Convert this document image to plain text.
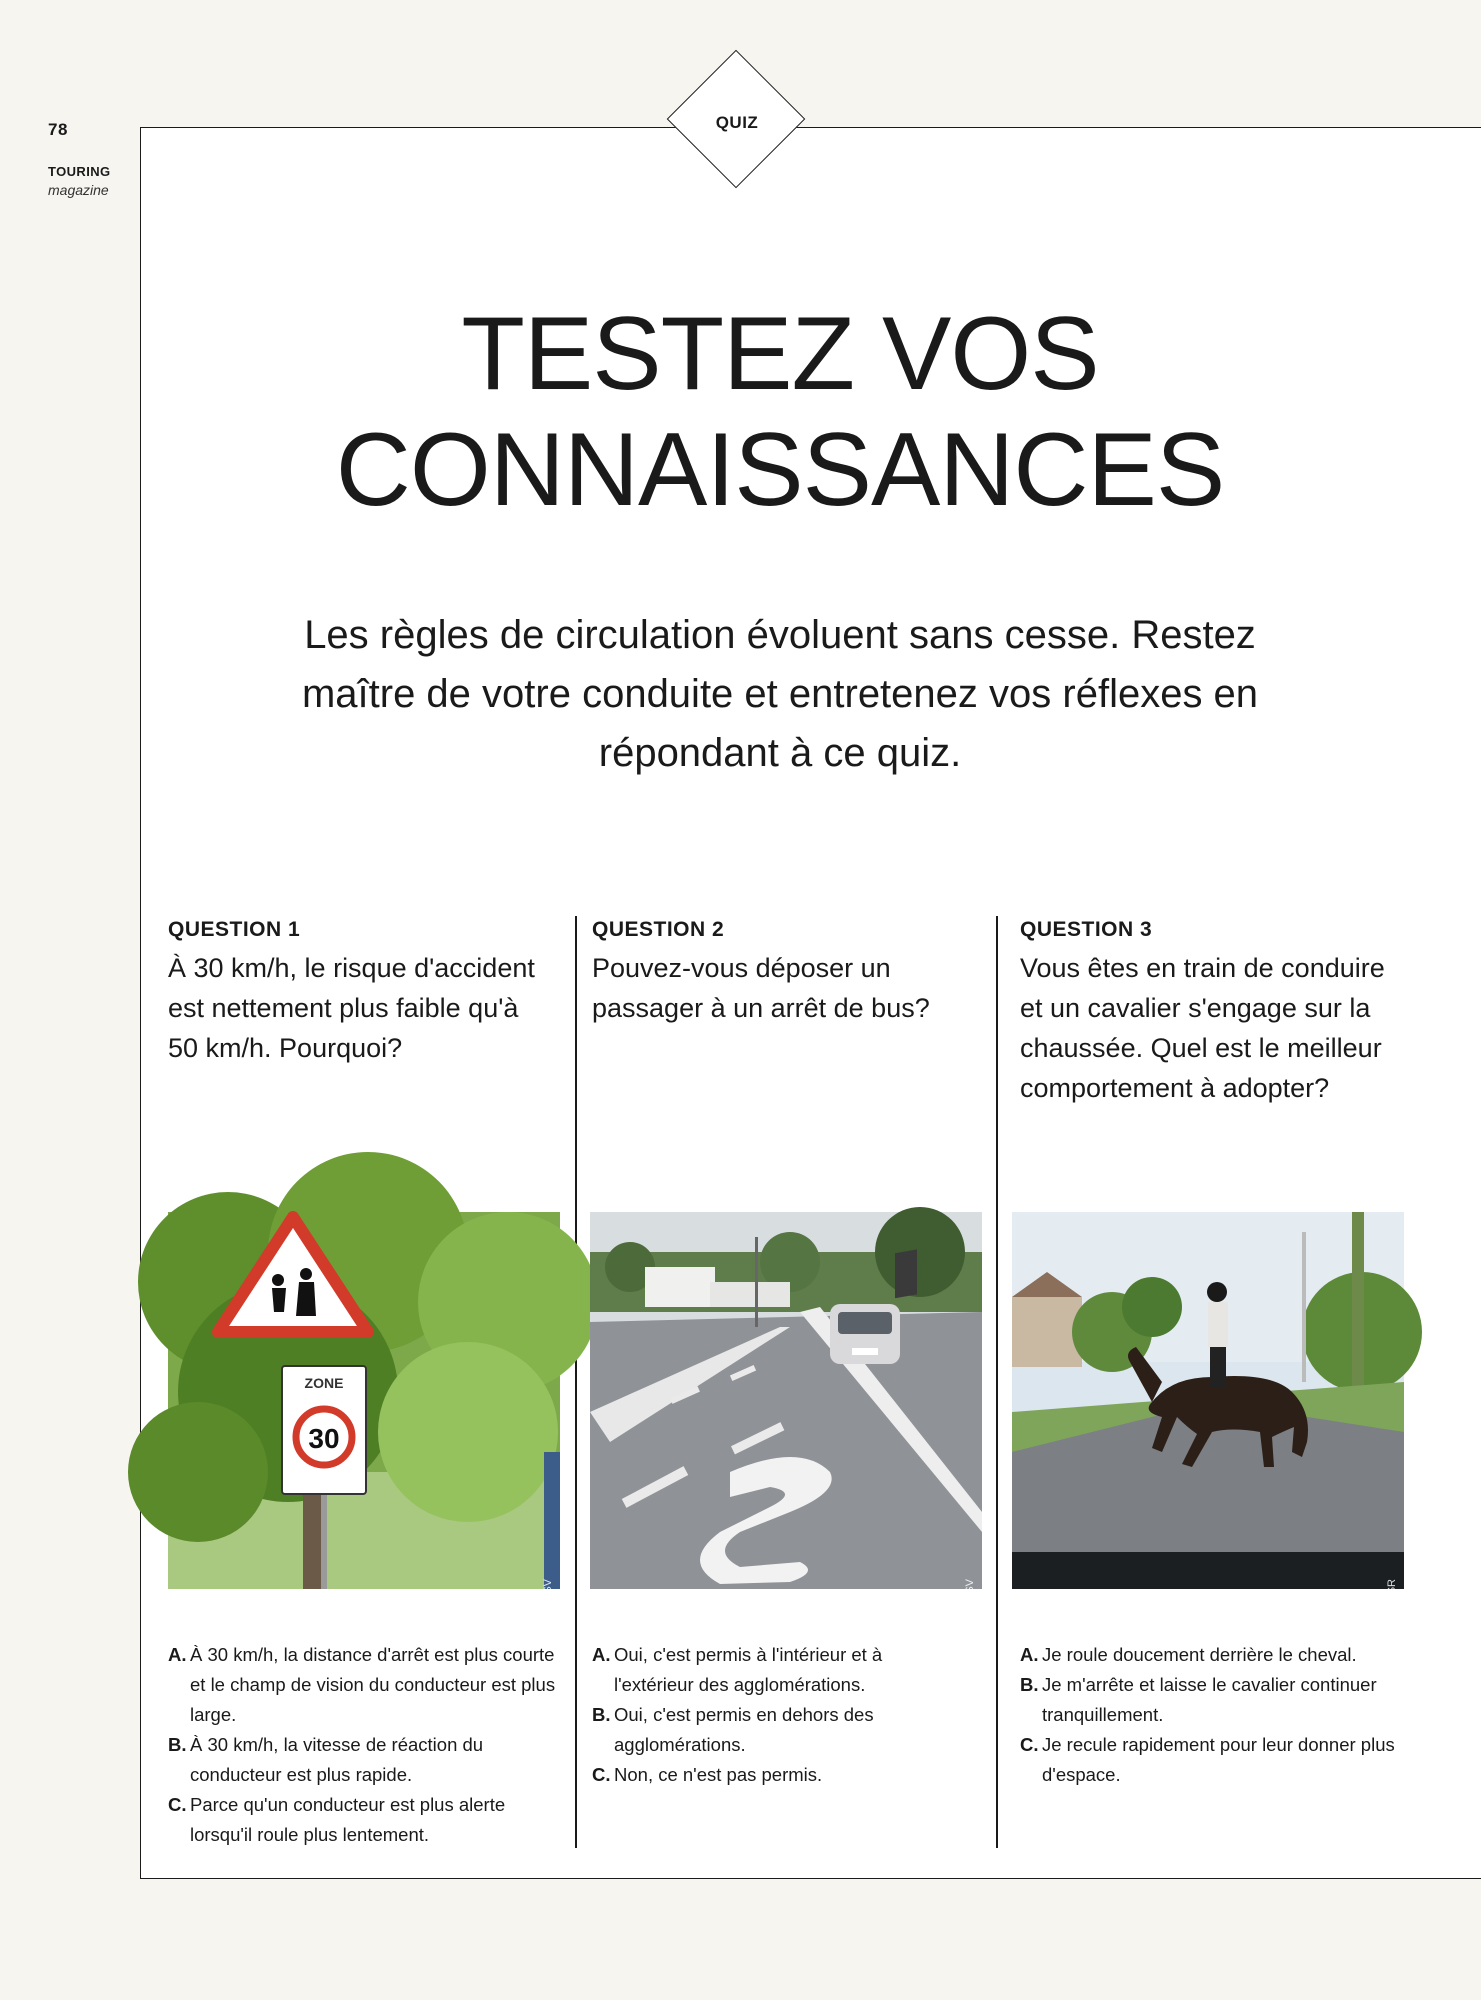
78
TOURING
magazine
QUIZ
TESTEZ VOS CONNAISSANCES
Les règles de circulation évoluent sans cesse. Restez maître de votre conduite et entretenez vos réflexes en répondant à ce quiz.
QUESTION 1
À 30 km/h, le risque d'accident est nettement plus faible qu'à 50 km/h. Pourquoi?
ZONE
30
© VSV
A. À 30 km/h, la distance d'arrêt est plus courte et le champ de vision du conducteur est plus large.
B. À 30 km/h, la vitesse de réaction du conducteur est plus rapide.
C. Parce qu'un conducteur est plus alerte lorsqu'il roule plus lentement.
QUESTION 2
Pouvez-vous déposer un passager à un arrêt de bus?
© VSV
A. Oui, c'est permis à l'intérieur et à l'extérieur des agglomérations.
B. Oui, c'est permis en dehors des agglomérations.
C. Non, ce n'est pas permis.
QUESTION 3
Vous êtes en train de conduire et un cavalier s'engage sur la chaussée. Quel est le meilleur comportement à adopter?
© AWSR
A. Je roule doucement derrière le cheval.
B. Je m'arrête et laisse le cavalier continuer tranquillement.
C. Je recule rapidement pour leur donner plus d'espace.
